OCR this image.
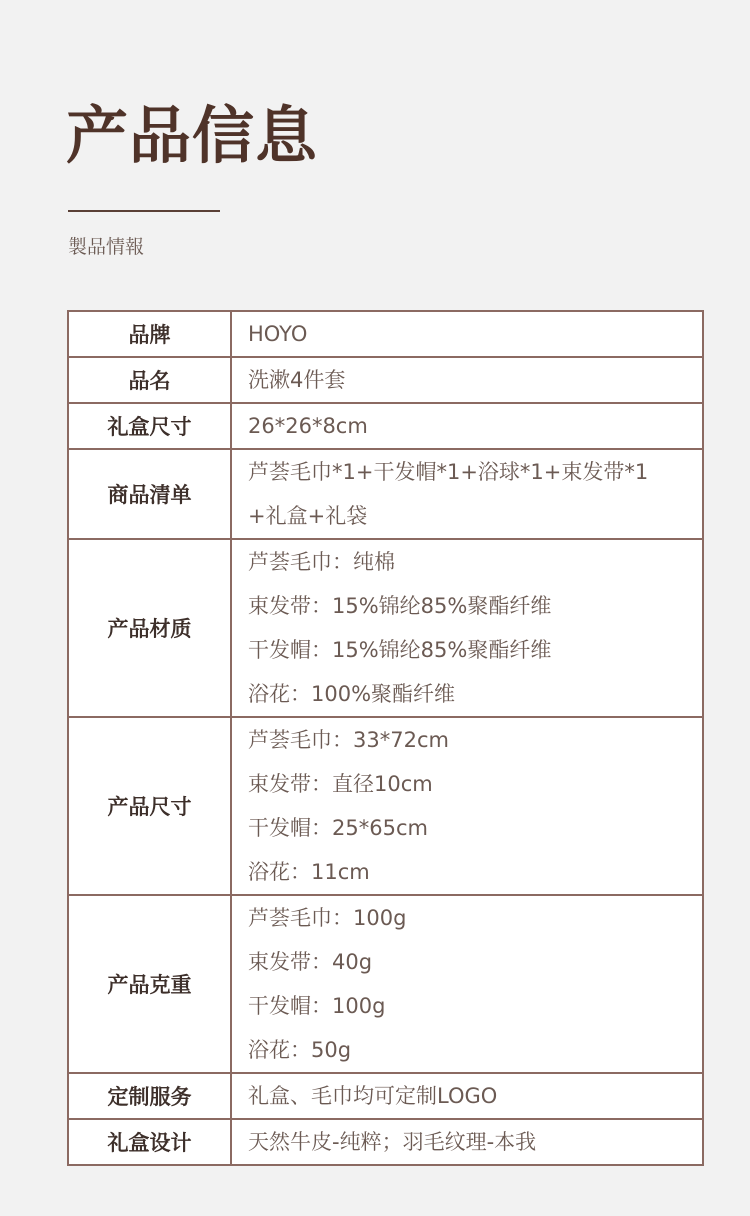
产品信息
製品情報
品牌	HOYO

品名	洗漱4件套

礼盒尺寸	26*26*8cm

商品清单	芦荟毛巾*1+干发帽*1+浴球*1+束发带*1
+礼盒+礼袋

产品材质	芦荟毛巾：纯棉
束发带：15%锦纶85%聚酯纤维
干发帽：15%锦纶85%聚酯纤维
浴花：100%聚酯纤维

产品尺寸	芦荟毛巾：33*72cm
束发带：直径10cm
干发帽：25*65cm
浴花：11cm

产品克重	芦荟毛巾：100g
束发带：40g
干发帽：100g
浴花：50g

定制服务	礼盒、毛巾均可定制LOGO

礼盒设计	天然牛皮-纯粹；羽毛纹理-本我
